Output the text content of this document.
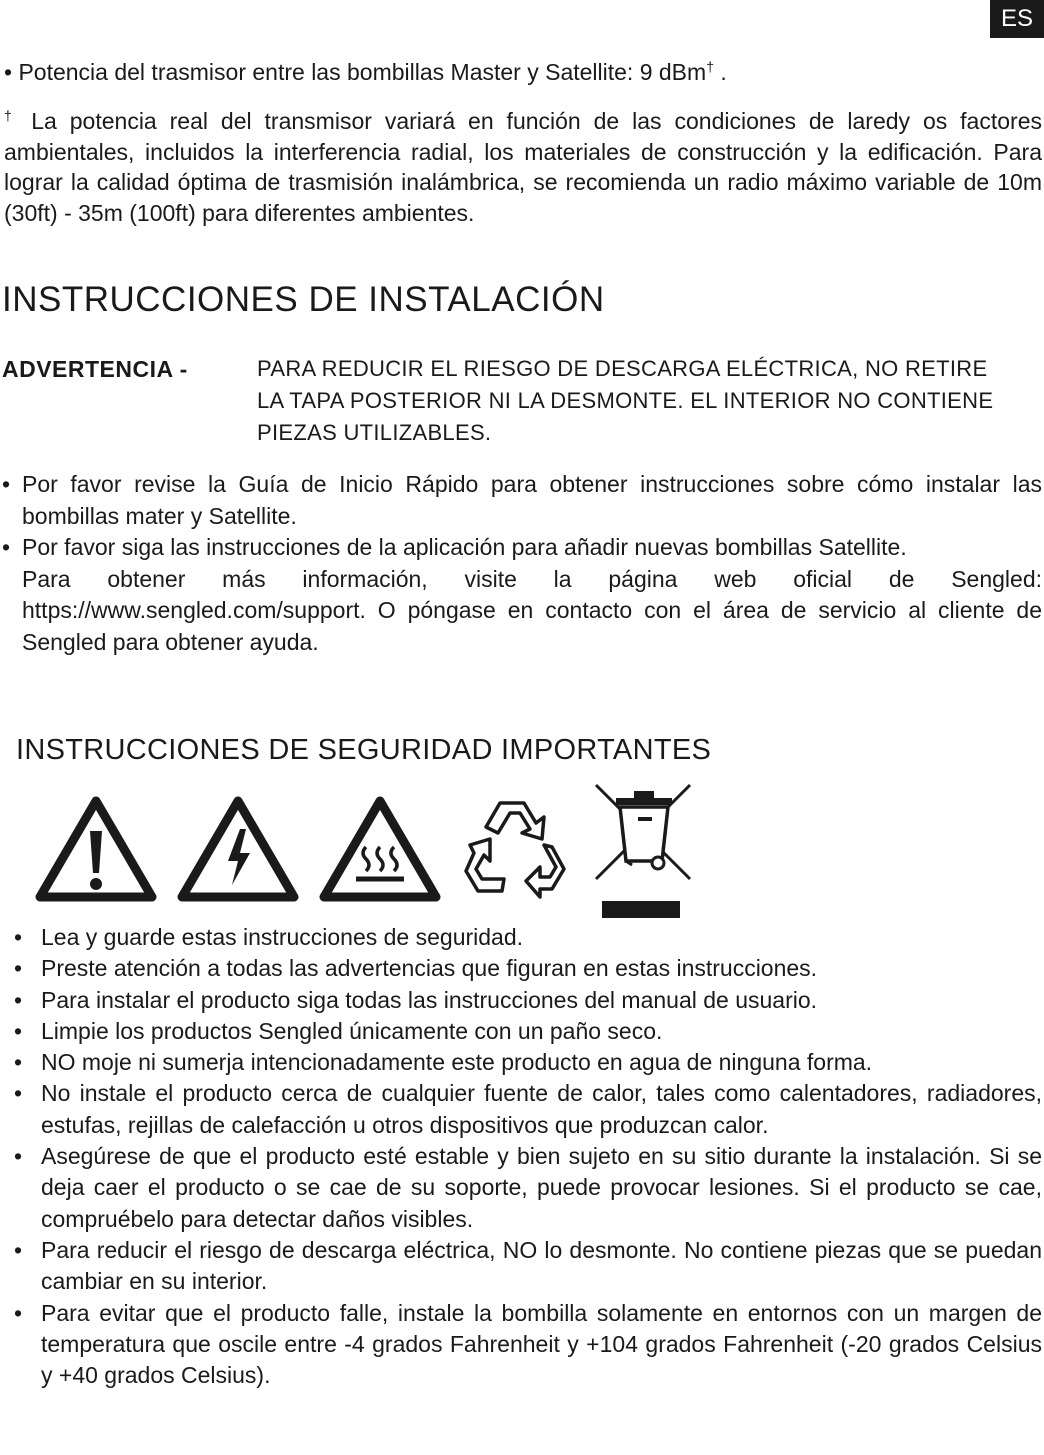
ES
• Potencia del trasmisor entre las bombillas Master y Satellite: 9 dBm† .
† La potencia real del transmisor variará en función de las condiciones de laredy os factores ambientales, incluidos la interferencia radial, los materiales de construcción y la edificación. Para lograr la calidad óptima de trasmisión inalámbrica, se recomienda un radio máximo variable de 10m (30ft) - 35m (100ft) para diferentes ambientes.
INSTRUCCIONES DE INSTALACIÓN
ADVERTENCIA -	PARA REDUCIR EL RIESGO DE DESCARGA ELÉCTRICA, NO RETIRE LA TAPA POSTERIOR NI LA DESMONTE. EL INTERIOR NO CONTIENE PIEZAS UTILIZABLES.
• Por favor revise la Guía de Inicio Rápido para obtener instrucciones sobre cómo instalar las bombillas mater y Satellite.
• Por favor siga las instrucciones de la aplicación para añadir nuevas bombillas Satellite.
Para obtener más información, visite la página web oficial de Sengled: https://www.sengled.com/support. O póngase en contacto con el área de servicio al cliente de Sengled para obtener ayuda.
INSTRUCCIONES DE SEGURIDAD IMPORTANTES
• Lea y guarde estas instrucciones de seguridad.
• Preste atención a todas las advertencias que figuran en estas instrucciones.
• Para instalar el producto siga todas las instrucciones del manual de usuario.
• Limpie los productos Sengled únicamente con un paño seco.
• NO moje ni sumerja intencionadamente este producto en agua de ninguna forma.
• No instale el producto cerca de cualquier fuente de calor, tales como calentadores, radiadores, estufas, rejillas de calefacción u otros dispositivos que produzcan calor.
• Asegúrese de que el producto esté estable y bien sujeto en su sitio durante la instalación. Si se deja caer el producto o se cae de su soporte, puede provocar lesiones. Si el producto se cae, compruébelo para detectar daños visibles.
• Para reducir el riesgo de descarga eléctrica, NO lo desmonte. No contiene piezas que se puedan cambiar en su interior.
• Para evitar que el producto falle, instale la bombilla solamente en entornos con un margen de temperatura que oscile entre -4 grados Fahrenheit y +104 grados Fahrenheit (-20 grados Celsius y +40 grados Celsius).
